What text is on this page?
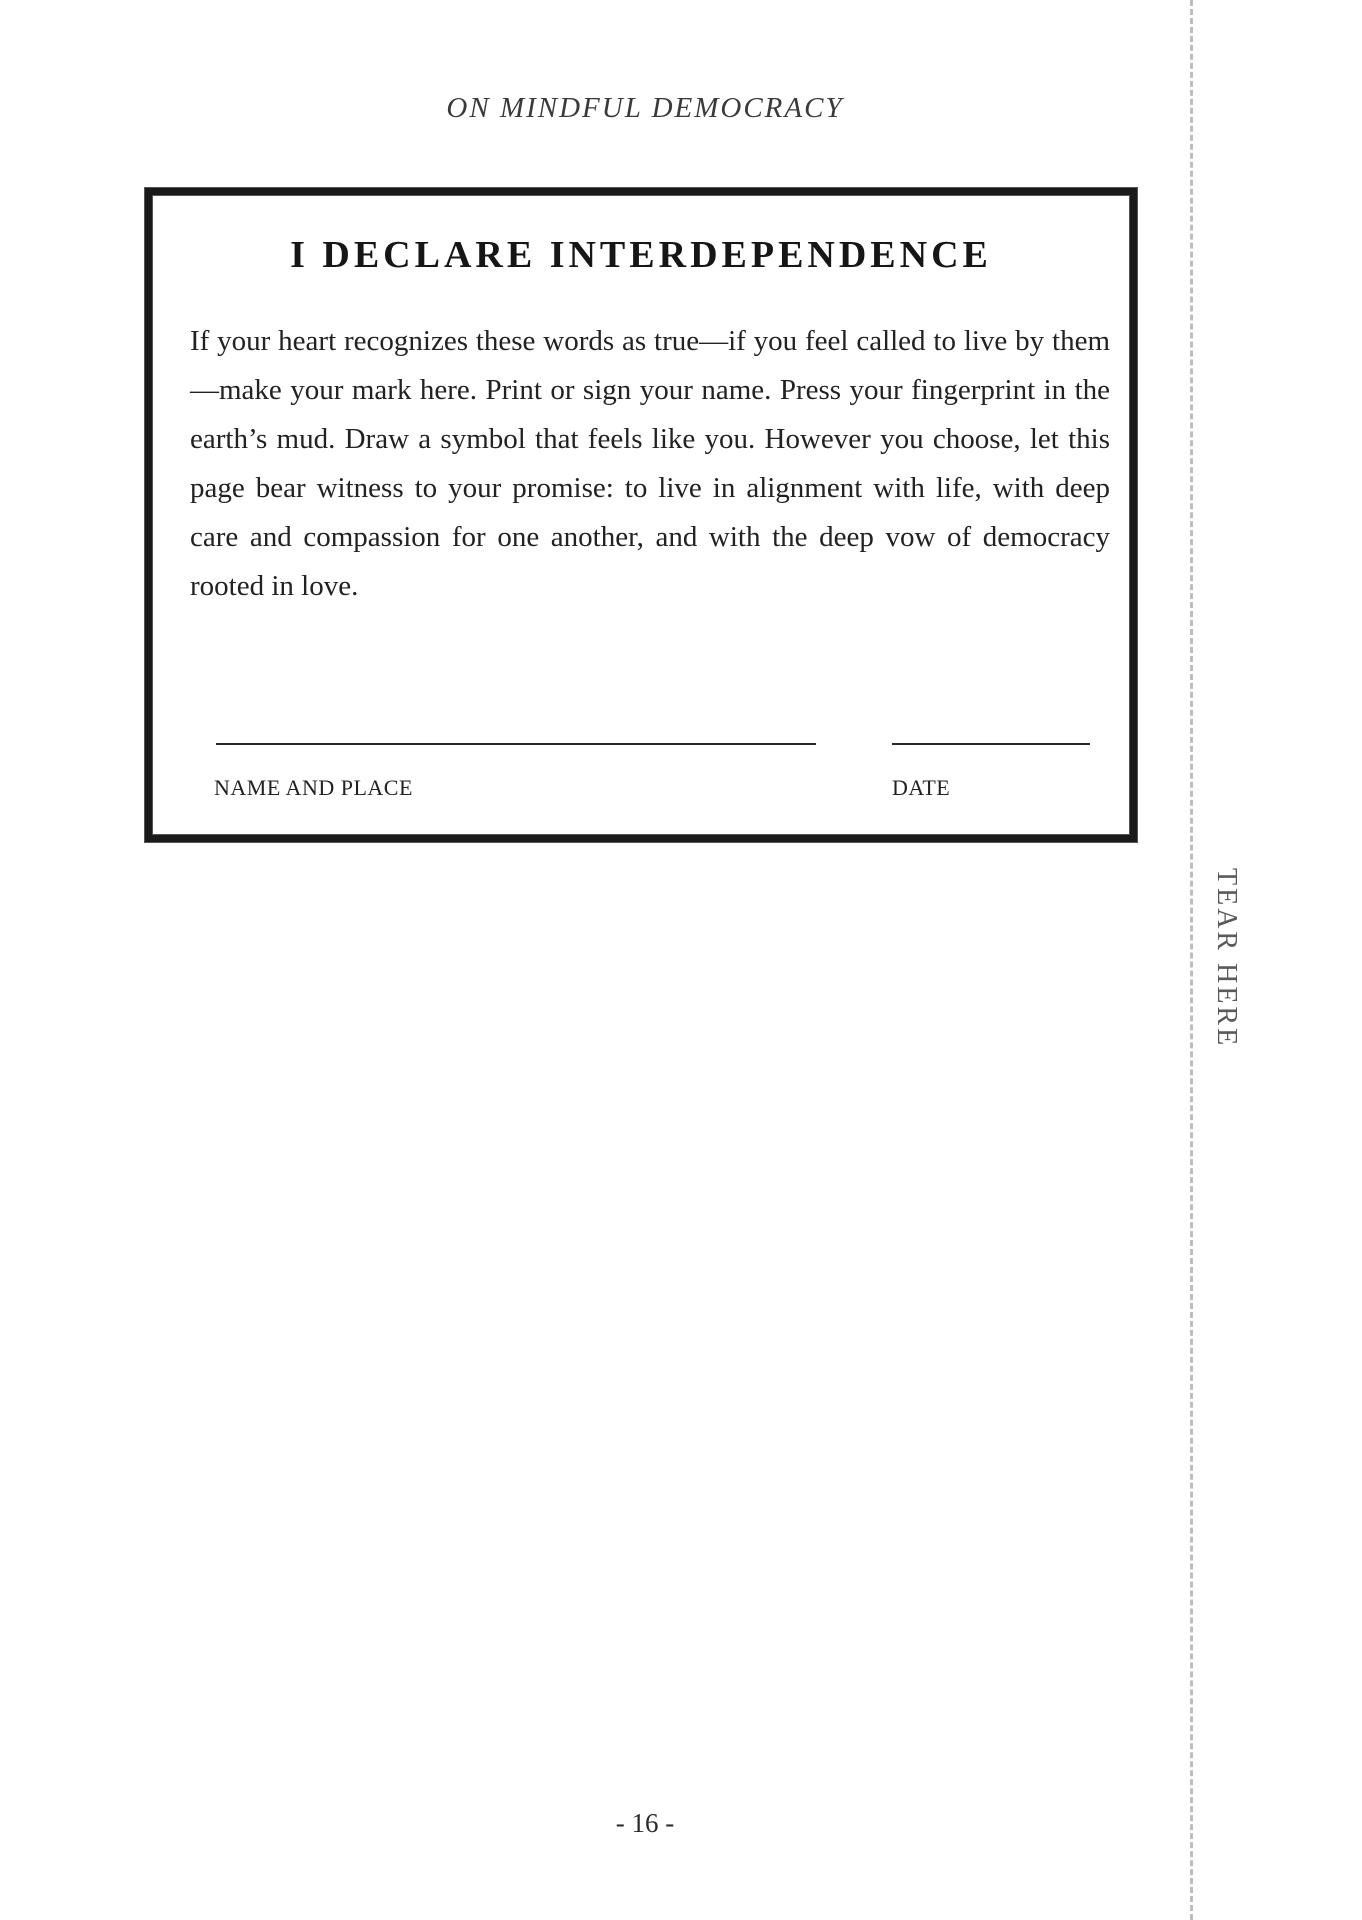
ON MINDFUL DEMOCRACY
I DECLARE INTERDEPENDENCE

If your heart recognizes these words as true—if you feel called to live by them—make your mark here. Print or sign your name. Press your fingerprint in the earth’s mud. Draw a symbol that feels like you. However you choose, let this page bear witness to your promise: to live in alignment with life, with deep care and compassion for one another, and with the deep vow of democracy rooted in love.

NAME AND PLACE	DATE
TEAR HERE
- 16 -
